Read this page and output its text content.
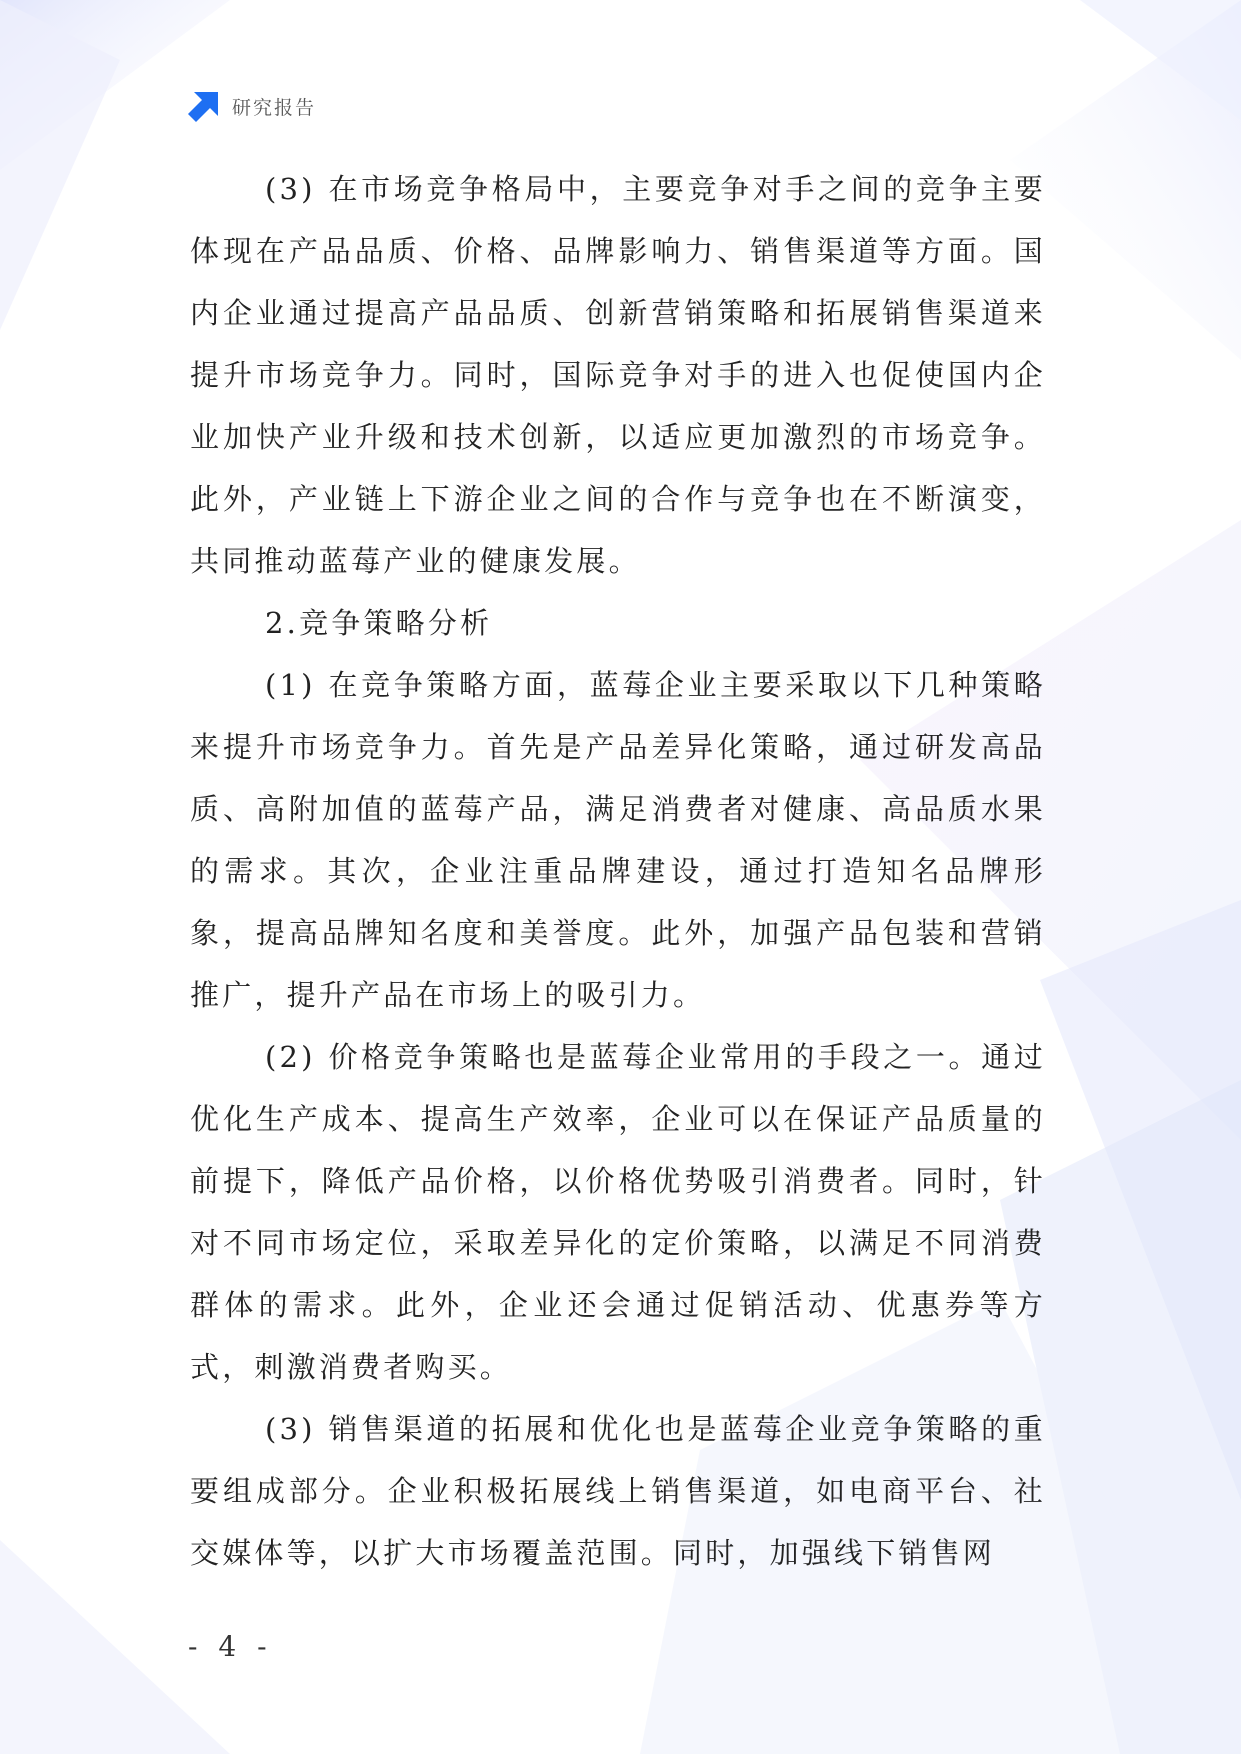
研究报告

(3) 在市场竞争格局中，主要竞争对手之间的竞争主要体现在产品品质、价格、品牌影响力、销售渠道等方面。国内企业通过提高产品品质、创新营销策略和拓展销售渠道来提升市场竞争力。同时，国际竞争对手的进入也促使国内企业加快产业升级和技术创新，以适应更加激烈的市场竞争。此外，产业链上下游企业之间的合作与竞争也在不断演变，共同推动蓝莓产业的健康发展。

2.竞争策略分析

(1) 在竞争策略方面，蓝莓企业主要采取以下几种策略来提升市场竞争力。首先是产品差异化策略，通过研发高品质、高附加值的蓝莓产品，满足消费者对健康、高品质水果的需求。其次，企业注重品牌建设，通过打造知名品牌形象，提高品牌知名度和美誉度。此外，加强产品包装和营销推广，提升产品在市场上的吸引力。

(2) 价格竞争策略也是蓝莓企业常用的手段之一。通过优化生产成本、提高生产效率，企业可以在保证产品质量的前提下，降低产品价格，以价格优势吸引消费者。同时，针对不同市场定位，采取差异化的定价策略，以满足不同消费群体的需求。此外，企业还会通过促销活动、优惠券等方式，刺激消费者购买。

(3) 销售渠道的拓展和优化也是蓝莓企业竞争策略的重要组成部分。企业积极拓展线上销售渠道，如电商平台、社交媒体等，以扩大市场覆盖范围。同时，加强线下销售网

- 4 -
